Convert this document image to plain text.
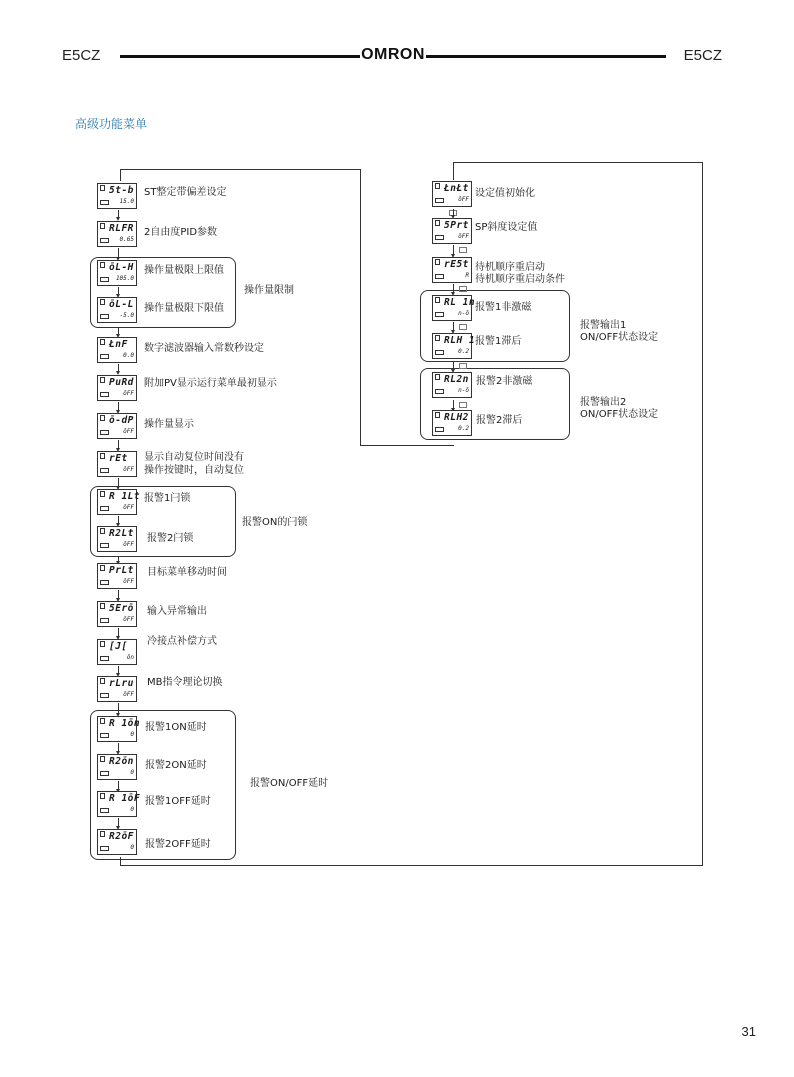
E5CZ	OMRON	E5CZ
高级功能菜单
操作量限制
报警ON的闩锁
报警ON/OFF延时
报警输出1
ON/OFF状态设定
报警输出2
ON/OFF状态设定
5t-b
15.0
ST整定带偏差设定
RLFR
0.65
2自由度PID参数
ōL-H
105.0
操作量极限上限值
ōL-L
-5.0
操作量极限下限值
ŁnF
0.0
数字滤波器输入常数秒设定
PuRd
ōFF
附加PV显示运行菜单最初显示
ō-dP
ōFF
操作量显示
rEt
ōFF
显示自动复位时间没有
操作按键时，自动复位
R 1Lt
ōFF
报警1闩锁
R2Lt
ōFF
报警2闩锁
PrLt
ōFF
目标菜单移动时间
5Erō
ōFF
输入异常输出
[J[
ōn
冷接点补偿方式
rLru
ōFF
MB指令理论切换
R 1ōn
0
报警1ON延时
R2ōn
0
报警2ON延时
R 1ōF
0
报警1OFF延时
R2ōF
0 报警2OFF延时
ŁnŁt
ōFF
设定值初始化
5Prt
ōFF
SP斜度设定值
rE5t
R
待机顺序重启动
待机顺序重启动条件
RL 1n
n-ō
报警1非激磁
RLH 1
0.2
报警1滞后
RL2n
n-ō
报警2非激磁
RLH2
0.2
报警2滞后
31
